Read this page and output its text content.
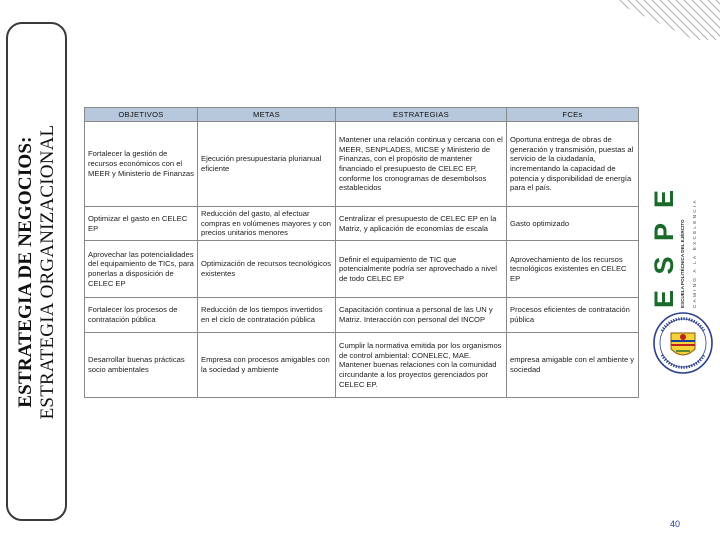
ESTRATEGIA DE NEGOCIOS: ESTRATEGIA ORGANIZACIONAL
OBJETIVOS	METAS	ESTRATEGIAS	FCEs
Fortalecer la gestión de recursos económicos con el MEER y Ministerio de Finanzas	Ejecución presupuestaria plurianual eficiente	Mantener una relación continua y cercana con el MEER, SENPLADES, MICSE y Ministerio de Finanzas, con el propósito de mantener financiado el presupuesto de CELEC EP, conforme los cronogramas de desembolsos establecidos	Oportuna entrega de obras de generación y transmisión, puestas al servicio de la ciudadanía, incrementando la capacidad de potencia y disponibilidad de energía para el país.
Optimizar el gasto en CELEC EP	Reducción del gasto, al efectuar compras en volúmenes mayores y con precios unitarios menores	Centralizar el presupuesto de CELEC EP en la Matriz, y aplicación de economías de escala	Gasto optimizado
Aprovechar las potencialidades del equipamiento de TICs, para ponerlas a disposición de CELEC EP	Optimización de recursos tecnológicos existentes	Definir el equipamiento de TIC que potencialmente podría ser aprovechado a nivel de todo CELEC EP	Aprovechamiento de los recursos tecnológicos existentes en CELEC EP
Fortalecer los procesos de contratación pública	Reducción de los tiempos invertidos en el ciclo de contratación pública	Capacitación continua a personal de las UN y Matriz. Interacción con personal del INCOP	Procesos eficientes de contratación pública
Desarrollar buenas prácticas socio ambientales	Empresa con procesos amigables con la sociedad y ambiente	Cumplir la normativa emitida por los organismos de control ambiental: CONELEC, MAE. Mantener buenas relaciones con la comunidad circundante a los proyectos gerenciados por CELEC EP.	empresa amigable con el ambiente y sociedad
E S P E ESCUELA POLITÉCNICA DEL EJÉRCITO	CAMINO A LA EXCELENCIA
40
